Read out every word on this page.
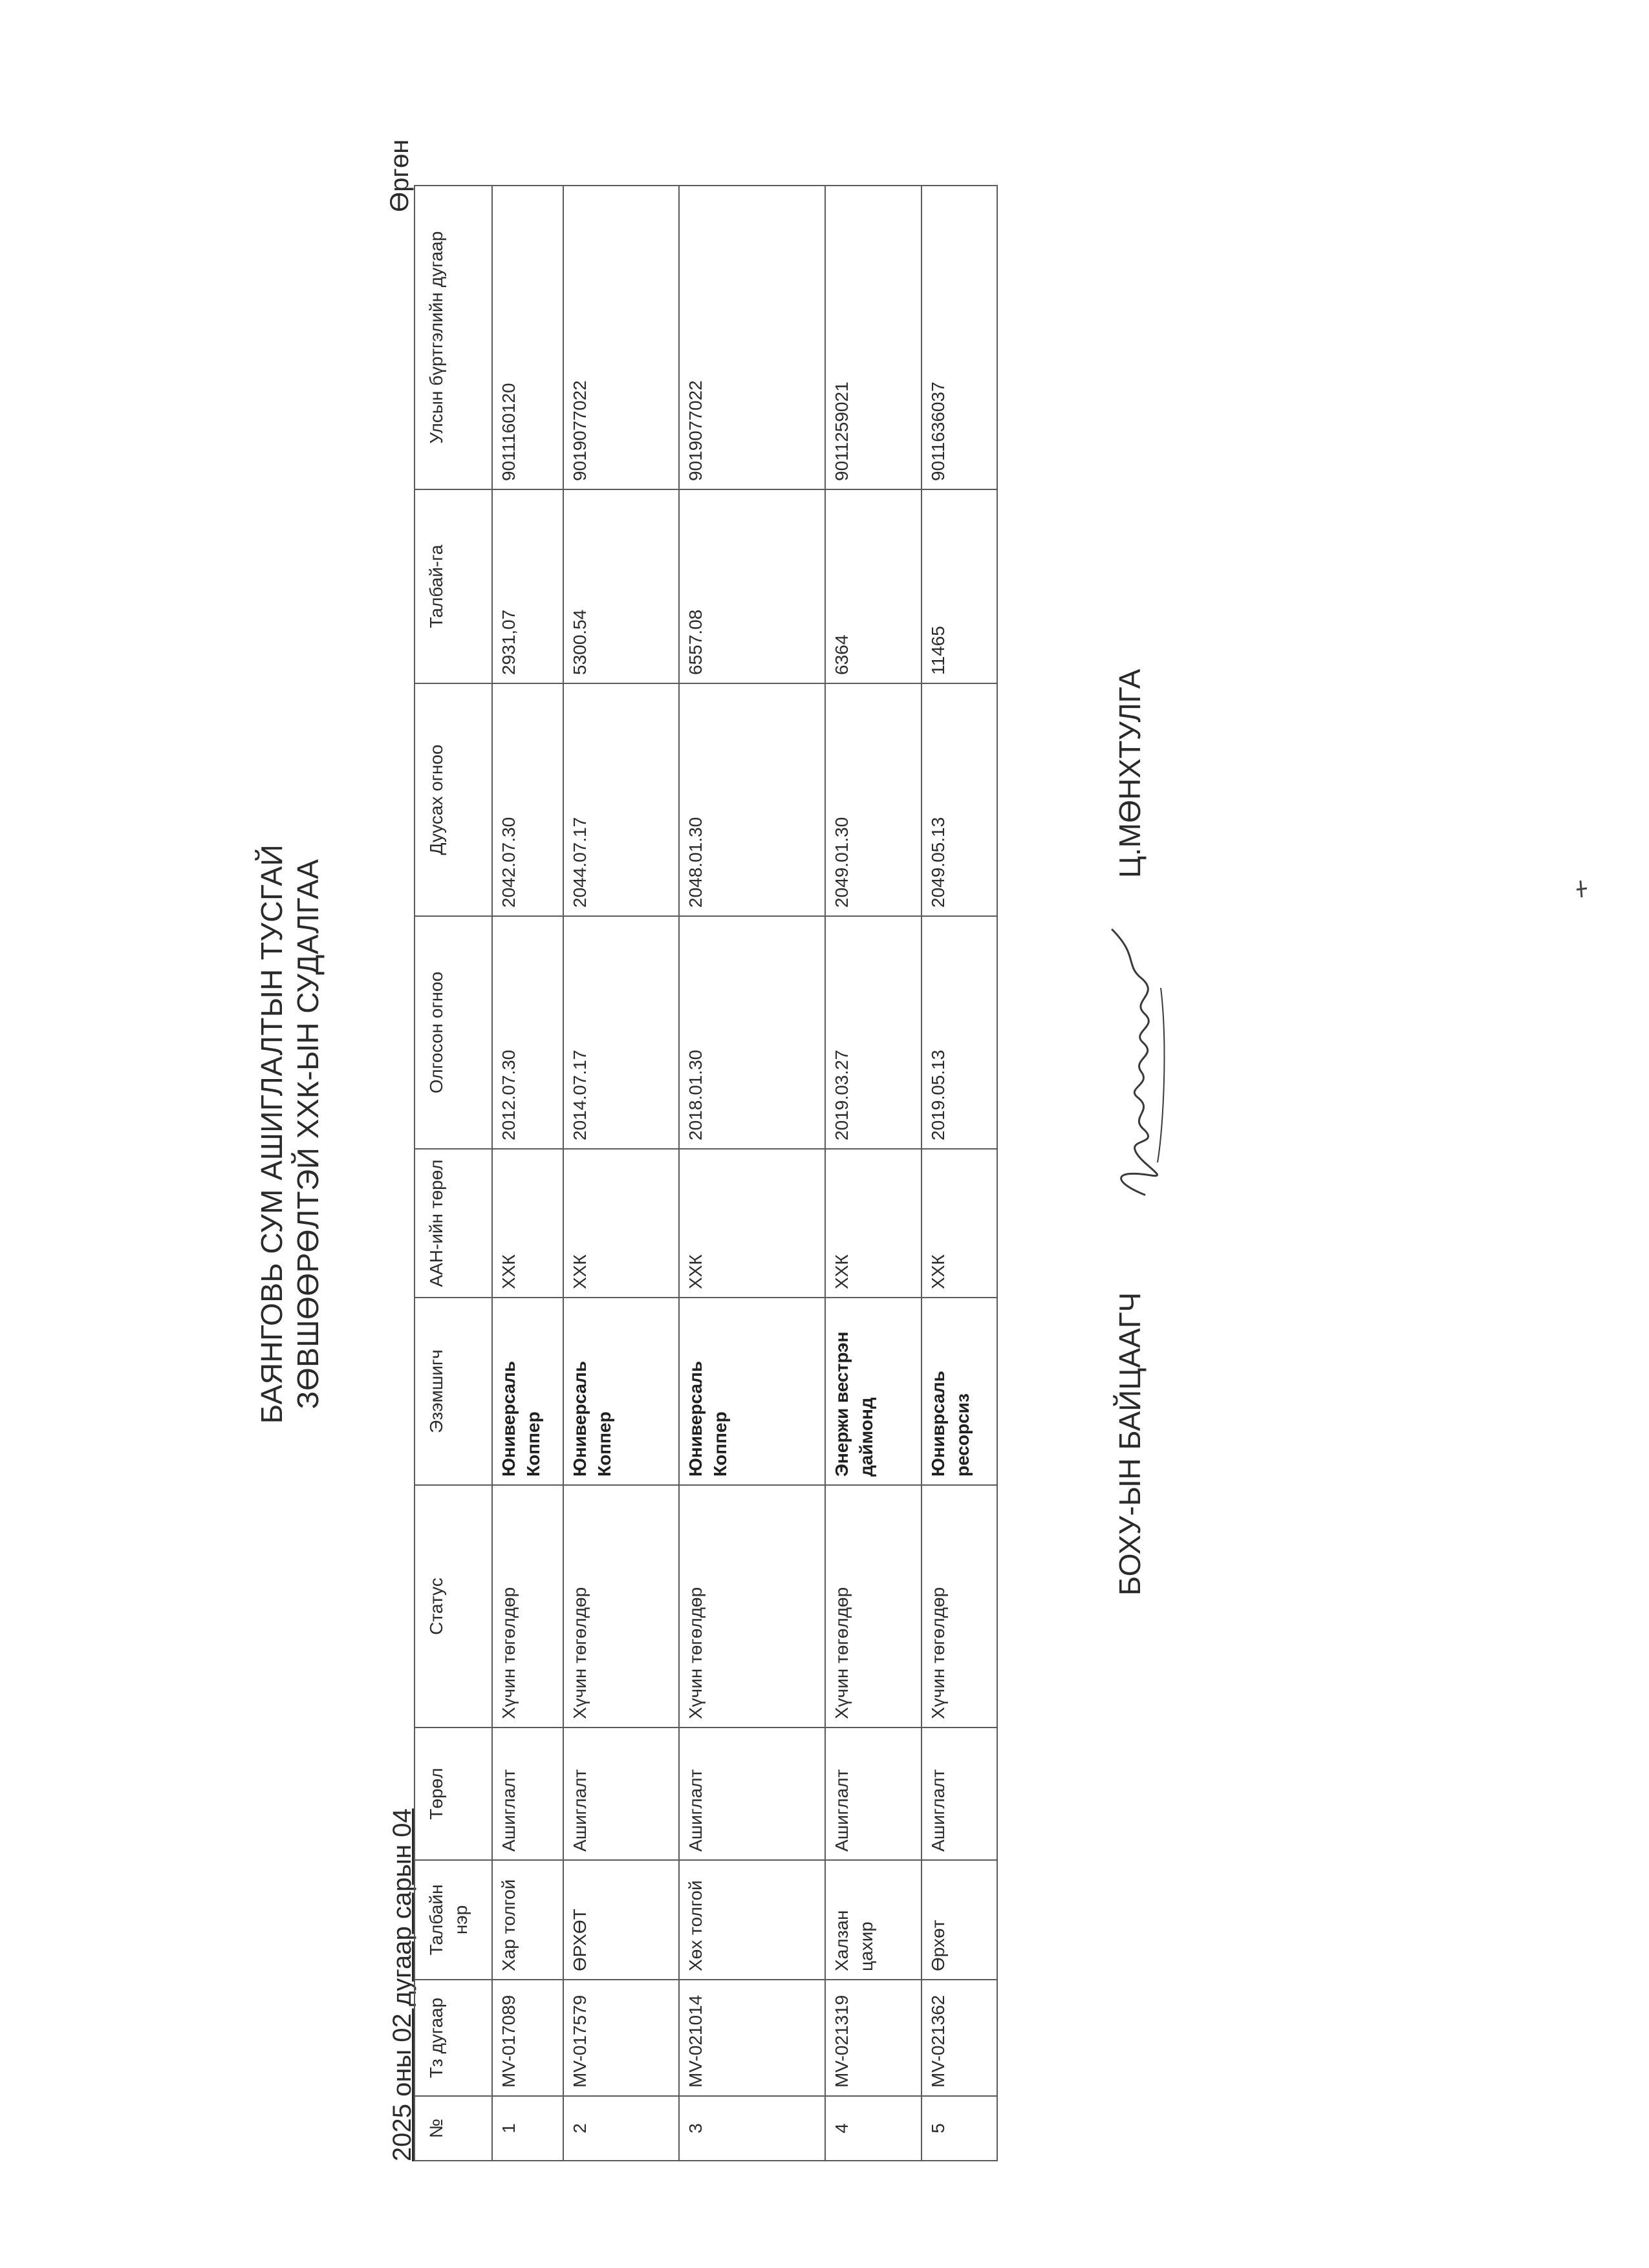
БАЯНГОВЬ СУМ АШИГЛАЛТЫН ТУСГАЙ ЗӨВШӨӨРӨЛТЭЙ ХХК-ЫН СУДАЛГАА
2025 оны 02 дугаар сарын 04
Өргөн
№	Тз дугаар	Талбайн нэр	Төрөл	Статус	Эзэмшигч	ААН-ийн төрөл	Олгосон огноо	Дуусах огноо	Талбай-га	Улсын бүртгэлийн дугаар
1	MV-017089	Хар толгой	Ашиглалт	Хүчин төгөлдөр	Юниверсаль Коппер	ХХК	2012.07.30	2042.07.30	2931,07	9011160120
2	MV-017579	ӨРХӨТ	Ашиглалт	Хүчин төгөлдөр	Юниверсаль Коппер	ХХК	2014.07.17	2044.07.17	5300.54	9019077022
3	MV-021014	Хөх толгой	Ашиглалт	Хүчин төгөлдөр	Юниверсаль Коппер	ХХК	2018.01.30	2048.01.30	6557.08	9019077022
4	MV-021319	Халзан цахир	Ашиглалт	Хүчин төгөлдөр	Энержи вестрэн даймонд	ХХК	2019.03.27	2049.01.30	6364	9011259021
5	MV-021362	Өрхөт	Ашиглалт	Хүчин төгөлдөр	Юниврсаль ресорсиз	ХХК	2019.05.13	2049.05.13	11465	9011636037
БОХУ-ЫН БАЙЦААГЧ
Ц.МӨНХТУЛГА
